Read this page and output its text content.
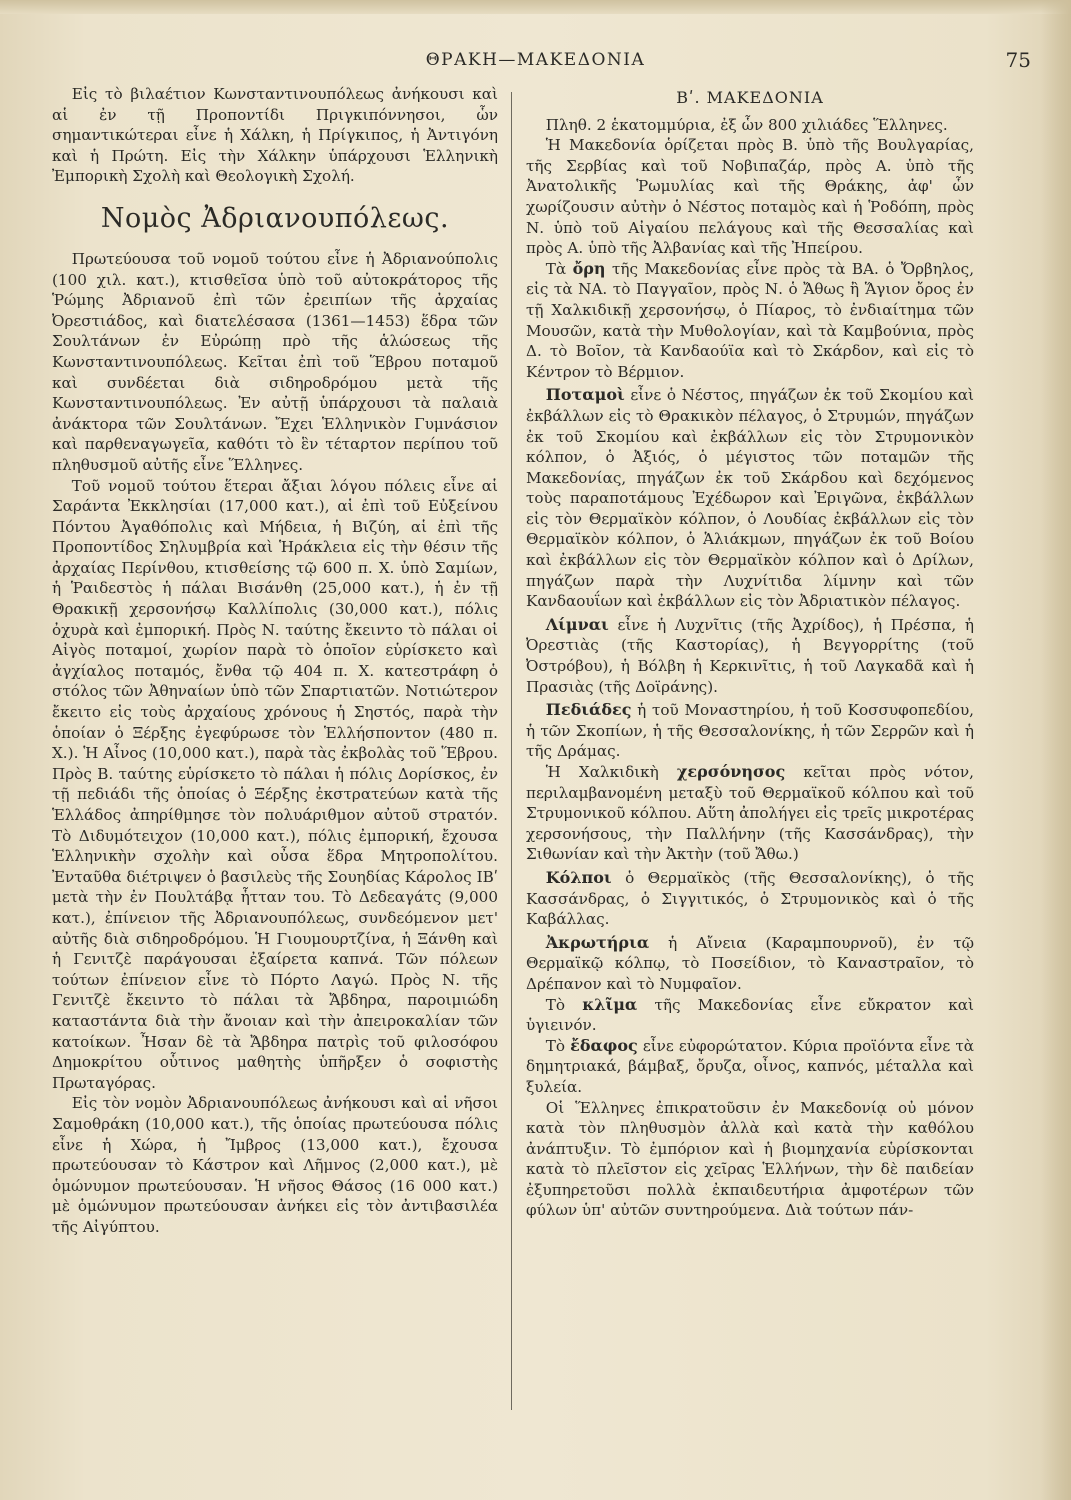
ΘΡΑΚΗ—ΜΑΚΕΔΟΝΙΑ	75

Εἰς τὸ βιλαέτιον Κωνσταντινουπόλεως ἀνήκουσι καὶ αἱ ἐν τῇ Προποντίδι Πριγκιπόννησοι, ὧν σημαντικώτεραι εἶνε ἡ Χάλκη, ἡ Πρίγκιπος, ἡ Ἀντιγόνη καὶ ἡ Πρώτη. Εἰς τὴν Χάλκην ὑπάρχουσι Ἑλληνικὴ Ἐμπορικὴ Σχολὴ καὶ Θεολογικὴ Σχολή.

Νομὸς Ἀδριανουπόλεως.

Πρωτεύουσα τοῦ νομοῦ τούτου εἶνε ἡ Ἀδριανούπολις (100 χιλ. κατ.), κτισθεῖσα ὑπὸ τοῦ αὐτοκράτορος τῆς Ῥώμης Ἀδριανοῦ ἐπὶ τῶν ἐρειπίων τῆς ἀρχαίας Ὀρεστιάδος, καὶ διατελέσασα (1361—1453) ἕδρα τῶν Σουλτάνων ἐν Εὐρώπῃ πρὸ τῆς ἁλώσεως τῆς Κωνσταντινουπόλεως. Κεῖται ἐπὶ τοῦ Ἕβρου ποταμοῦ καὶ συνδέεται διὰ σιδηροδρόμου μετὰ τῆς Κωνσταντινουπόλεως. Ἐν αὐτῇ ὑπάρχουσι τὰ παλαιὰ ἀνάκτορα τῶν Σουλτάνων. Ἔχει Ἑλληνικὸν Γυμνάσιον καὶ παρθεναγωγεῖα, καθότι τὸ ἓν τέταρτον περίπου τοῦ πληθυσμοῦ αὐτῆς εἶνε Ἕλληνες.

Τοῦ νομοῦ τούτου ἕτεραι ἄξιαι λόγου πόλεις εἶνε αἱ Σαράντα Ἐκκλησίαι (17,000 κατ.), αἱ ἐπὶ τοῦ Εὐξείνου Πόντου Ἀγαθόπολις καὶ Μήδεια, ἡ Βιζύη, αἱ ἐπὶ τῆς Προποντίδος Σηλυμβρία καὶ Ἡράκλεια εἰς τὴν θέσιν τῆς ἀρχαίας Περίνθου, κτισθείσης τῷ 600 π. Χ. ὑπὸ Σαμίων, ἡ Ῥαιδεστὸς ἡ πάλαι Βισάνθη (25,000 κατ.), ἡ ἐν τῇ Θρακικῇ χερσονήσῳ Καλλίπολις (30,000 κατ.), πόλις ὀχυρὰ καὶ ἐμπορική. Πρὸς Ν. ταύτης ἔκειντο τὸ πάλαι οἱ Αἰγὸς ποταμοί, χωρίον παρὰ τὸ ὁποῖον εὑρίσκετο καὶ ἀγχίαλος ποταμός, ἔνθα τῷ 404 π. Χ. κατεστράφη ὁ στόλος τῶν Ἀθηναίων ὑπὸ τῶν Σπαρτιατῶν. Νοτιώτερον ἔκειτο εἰς τοὺς ἀρχαίους χρόνους ἡ Σηστός, παρὰ τὴν ὁποίαν ὁ Ξέρξης ἐγεφύρωσε τὸν Ἑλλήσποντον (480 π. Χ.). Ἡ Αἶνος (10,000 κατ.), παρὰ τὰς ἐκβολὰς τοῦ Ἕβρου. Πρὸς Β. ταύτης εὑρίσκετο τὸ πάλαι ἡ πόλις Δορίσκος, ἐν τῇ πεδιάδι τῆς ὁποίας ὁ Ξέρξης ἐκστρατεύων κατὰ τῆς Ἑλλάδος ἀπηρίθμησε τὸν πολυάριθμον αὐτοῦ στρατόν. Τὸ Διδυμότειχον (10,000 κατ.), πόλις ἐμπορική, ἔχουσα Ἑλληνικὴν σχολὴν καὶ οὖσα ἕδρα Μητροπολίτου. Ἐνταῦθα διέτριψεν ὁ βασιλεὺς τῆς Σουηδίας Κάρολος ΙΒʹ μετὰ τὴν ἐν Πουλτάβᾳ ἧτταν του. Τὸ Δεδεαγάτς (9,000 κατ.), ἐπίνειον τῆς Ἀδριανουπόλεως, συνδεόμενον μετ' αὐτῆς διὰ σιδηροδρόμου. Ἡ Γιουμουρτζίνα, ἡ Ξάνθη καὶ ἡ Γενιτζὲ παράγουσαι ἐξαίρετα καπνά. Τῶν πόλεων τούτων ἐπίνειον εἶνε τὸ Πόρτο Λαγώ. Πρὸς Ν. τῆς Γενιτζὲ ἔκειντο τὸ πάλαι τὰ Ἄβδηρα, παροιμιώδη καταστάντα διὰ τὴν ἄνοιαν καὶ τὴν ἀπειροκαλίαν τῶν κατοίκων. Ἦσαν δὲ τὰ Ἄβδηρα πατρὶς τοῦ φιλοσόφου Δημοκρίτου οὗτινος μαθητὴς ὑπῆρξεν ὁ σοφιστὴς Πρωταγόρας.

Εἰς τὸν νομὸν Ἀδριανουπόλεως ἀνήκουσι καὶ αἱ νῆσοι Σαμοθράκη (10,000 κατ.), τῆς ὁποίας πρωτεύουσα πόλις εἶνε ἡ Χώρα, ἡ Ἴμβρος (13,000 κατ.), ἔχουσα πρωτεύουσαν τὸ Κάστρον καὶ Λῆμνος (2,000 κατ.), μὲ ὁμώνυμον πρωτεύουσαν. Ἡ νῆσος Θάσος (16 000 κατ.) μὲ ὁμώνυμον πρωτεύουσαν ἀνήκει εἰς τὸν ἀντιβασιλέα τῆς Αἰγύπτου.

Βʹ. ΜΑΚΕΔΟΝΙΑ

Πληθ. 2 ἑκατομμύρια, ἐξ ὧν 800 χιλιάδες Ἕλληνες.

Ἡ Μακεδονία ὁρίζεται πρὸς Β. ὑπὸ τῆς Βουλγαρίας, τῆς Σερβίας καὶ τοῦ Νοβιπαζάρ, πρὸς Α. ὑπὸ τῆς Ἀνατολικῆς Ῥωμυλίας καὶ τῆς Θράκης, ἀφ' ὧν χωρίζουσιν αὐτὴν ὁ Νέστος ποταμὸς καὶ ἡ Ῥοδόπη, πρὸς Ν. ὑπὸ τοῦ Αἰγαίου πελάγους καὶ τῆς Θεσσαλίας καὶ πρὸς Α. ὑπὸ τῆς Ἀλβανίας καὶ τῆς Ἠπείρου.

Τὰ ὄρη τῆς Μακεδονίας εἶνε πρὸς τὰ ΒΑ. ὁ Ὄρβηλος, εἰς τὰ ΝΑ. τὸ Παγγαῖον, πρὸς Ν. ὁ Ἄθως ἢ Ἅγιον ὄρος ἐν τῇ Χαλκιδικῇ χερσονήσῳ, ὁ Πίαρος, τὸ ἐνδιαίτημα τῶν Μουσῶν, κατὰ τὴν Μυθολογίαν, καὶ τὰ Καμβούνια, πρὸς Δ. τὸ Βοῖον, τὰ Κανδαούϊα καὶ τὸ Σκάρδον, καὶ εἰς τὸ Κέντρον τὸ Βέρμιον.

Ποταμοὶ εἶνε ὁ Νέστος, πηγάζων ἐκ τοῦ Σκομίου καὶ ἐκβάλλων εἰς τὸ Θρακικὸν πέλαγος, ὁ Στρυμών, πηγάζων ἐκ τοῦ Σκομίου καὶ ἐκβάλλων εἰς τὸν Στρυμονικὸν κόλπον, ὁ Ἀξιός, ὁ μέγιστος τῶν ποταμῶν τῆς Μακεδονίας, πηγάζων ἐκ τοῦ Σκάρδου καὶ δεχόμενος τοὺς παραποτάμους Ἐχέδωρον καὶ Ἐριγῶνα, ἐκβάλλων εἰς τὸν Θερμαϊκὸν κόλπον, ὁ Λουδίας ἐκβάλλων εἰς τὸν Θερμαϊκὸν κόλπον, ὁ Ἁλιάκμων, πηγάζων ἐκ τοῦ Βοίου καὶ ἐκβάλλων εἰς τὸν Θερμαϊκὸν κόλπον καὶ ὁ Δρίλων, πηγάζων παρὰ τὴν Λυχνίτιδα λίμνην καὶ τῶν Κανδαουΐων καὶ ἐκβάλλων εἰς τὸν Ἀδριατικὸν πέλαγος.

Λίμναι εἶνε ἡ Λυχνῖτις (τῆς Ἀχρίδος), ἡ Πρέσπα, ἡ Ὀρεστιὰς (τῆς Καστορίας), ἡ Βεγγορρίτης (τοῦ Ὀστρόβου), ἡ Βόλβη ἡ Κερκινῖτις, ἡ τοῦ Λαγκαδᾶ καὶ ἡ Πρασιὰς (τῆς Δοϊράνης).

Πεδιάδες ἡ τοῦ Μοναστηρίου, ἡ τοῦ Κοσσυφοπεδίου, ἡ τῶν Σκοπίων, ἡ τῆς Θεσσαλονίκης, ἡ τῶν Σερρῶν καὶ ἡ τῆς Δράμας.

Ἡ Χαλκιδικὴ χερσόνησος κεῖται πρὸς νότον, περιλαμβανομένη μεταξὺ τοῦ Θερμαϊκοῦ κόλπου καὶ τοῦ Στρυμονικοῦ κόλπου. Αὕτη ἀπολήγει εἰς τρεῖς μικροτέρας χερσονήσους, τὴν Παλλήνην (τῆς Κασσάνδρας), τὴν Σιθωνίαν καὶ τὴν Ἀκτὴν (τοῦ Ἄθω.)

Κόλποι ὁ Θερμαϊκὸς (τῆς Θεσσαλονίκης), ὁ τῆς Κασσάνδρας, ὁ Σιγγιτικός, ὁ Στρυμονικὸς καὶ ὁ τῆς Καβάλλας.

Ἀκρωτήρια ἡ Αἴνεια (Καραμπουρνοῦ), ἐν τῷ Θερμαϊκῷ κόλπῳ, τὸ Ποσείδιον, τὸ Καναστραῖον, τὸ Δρέπανον καὶ τὸ Νυμφαῖον.

Τὸ κλῖμα τῆς Μακεδονίας εἶνε εὔκρατον καὶ ὑγιεινόν.

Τὸ ἔδαφος εἶνε εὐφορώτατον. Κύρια προϊόντα εἶνε τὰ δημητριακά, βάμβαξ, ὄρυζα, οἶνος, καπνός, μέταλλα καὶ ξυλεία.

Οἱ Ἕλληνες ἐπικρατοῦσιν ἐν Μακεδονίᾳ οὐ μόνον κατὰ τὸν πληθυσμὸν ἀλλὰ καὶ κατὰ τὴν καθόλου ἀνάπτυξιν. Τὸ ἐμπόριον καὶ ἡ βιομηχανία εὑρίσκονται κατὰ τὸ πλεῖστον εἰς χεῖρας Ἑλλήνων, τὴν δὲ παιδείαν ἐξυπηρετοῦσι πολλὰ ἐκπαιδευτήρια ἀμφοτέρων τῶν φύλων ὑπ' αὐτῶν συντηρούμενα. Διὰ τούτων πάν-
